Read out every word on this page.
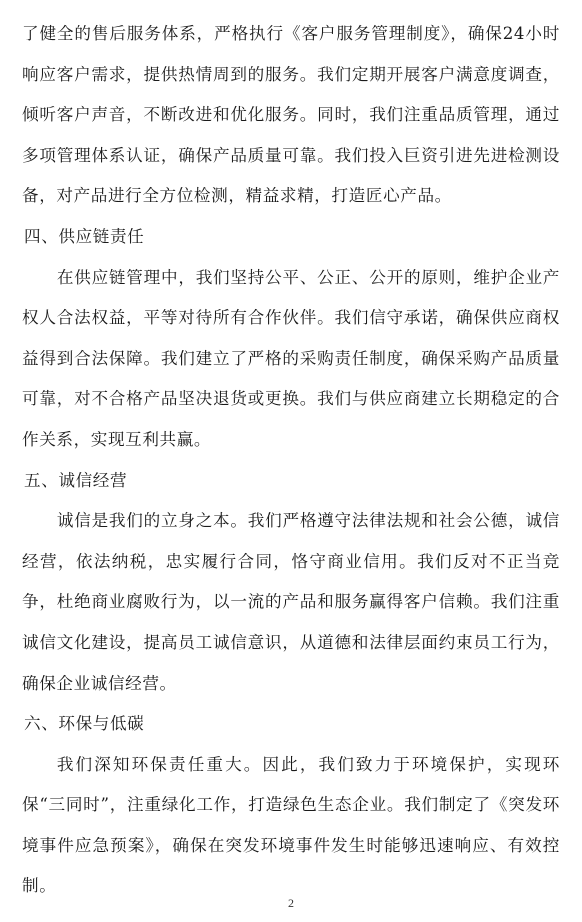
了健全的售后服务体系，严格执行《客户服务管理制度》，确保24小时响应客户需求，提供热情周到的服务。我们定期开展客户满意度调查，倾听客户声音，不断改进和优化服务。同时，我们注重品质管理，通过多项管理体系认证，确保产品质量可靠。我们投入巨资引进先进检测设备，对产品进行全方位检测，精益求精，打造匠心产品。

四、供应链责任

在供应链管理中，我们坚持公平、公正、公开的原则，维护企业产权人合法权益，平等对待所有合作伙伴。我们信守承诺，确保供应商权益得到合法保障。我们建立了严格的采购责任制度，确保采购产品质量可靠，对不合格产品坚决退货或更换。我们与供应商建立长期稳定的合作关系，实现互利共赢。

五、诚信经营

诚信是我们的立身之本。我们严格遵守法律法规和社会公德，诚信经营，依法纳税，忠实履行合同，恪守商业信用。我们反对不正当竞争，杜绝商业腐败行为，以一流的产品和服务赢得客户信赖。我们注重诚信文化建设，提高员工诚信意识，从道德和法律层面约束员工行为，确保企业诚信经营。

六、环保与低碳

我们深知环保责任重大。因此，我们致力于环境保护，实现环保“三同时”，注重绿化工作，打造绿色生态企业。我们制定了《突发环境事件应急预案》，确保在突发环境事件发生时能够迅速响应、有效控制。

2
